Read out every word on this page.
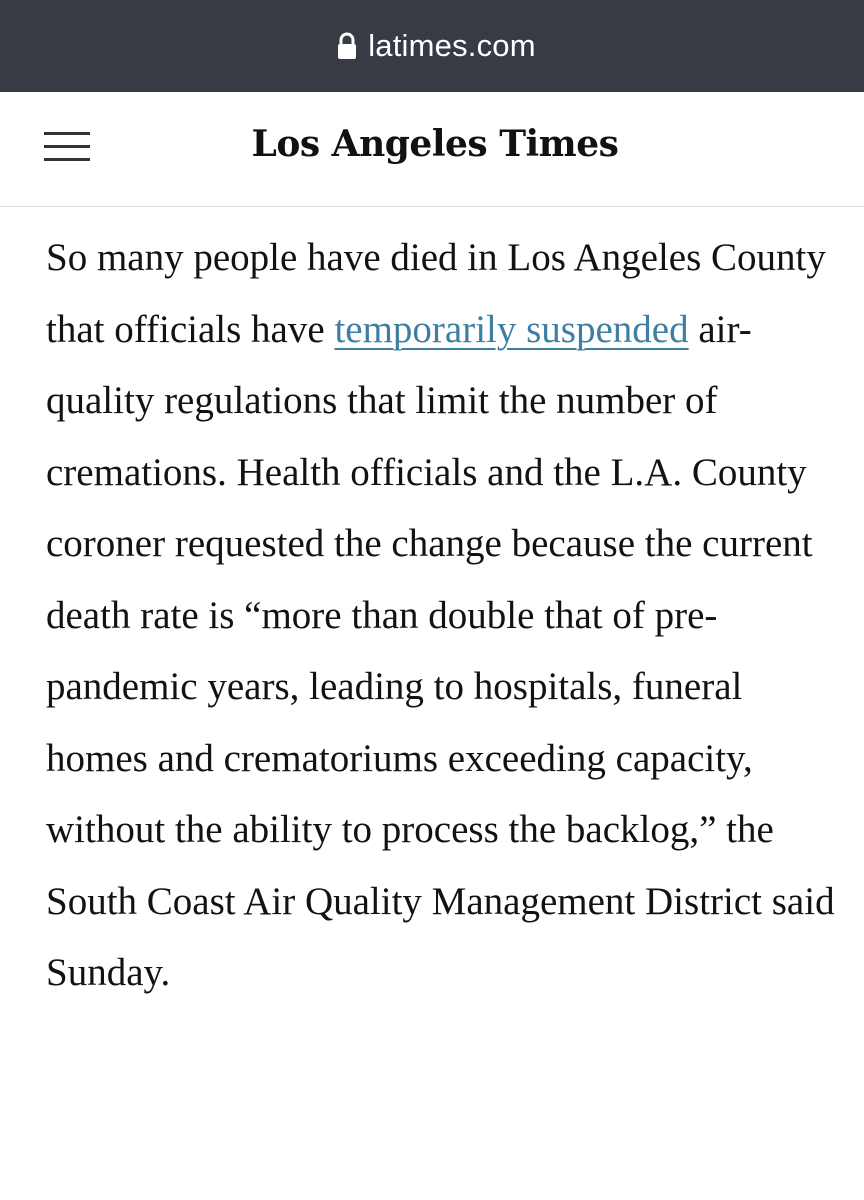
latimes.com
Los Angeles Times

So many people have died in Los Angeles County that officials have temporarily suspended air-quality regulations that limit the number of cremations. Health officials and the L.A. County coroner requested the change because the current death rate is “more than double that of pre-pandemic years, leading to hospitals, funeral homes and crematoriums exceeding capacity, without the ability to process the backlog,” the South Coast Air Quality Management District said Sunday.
